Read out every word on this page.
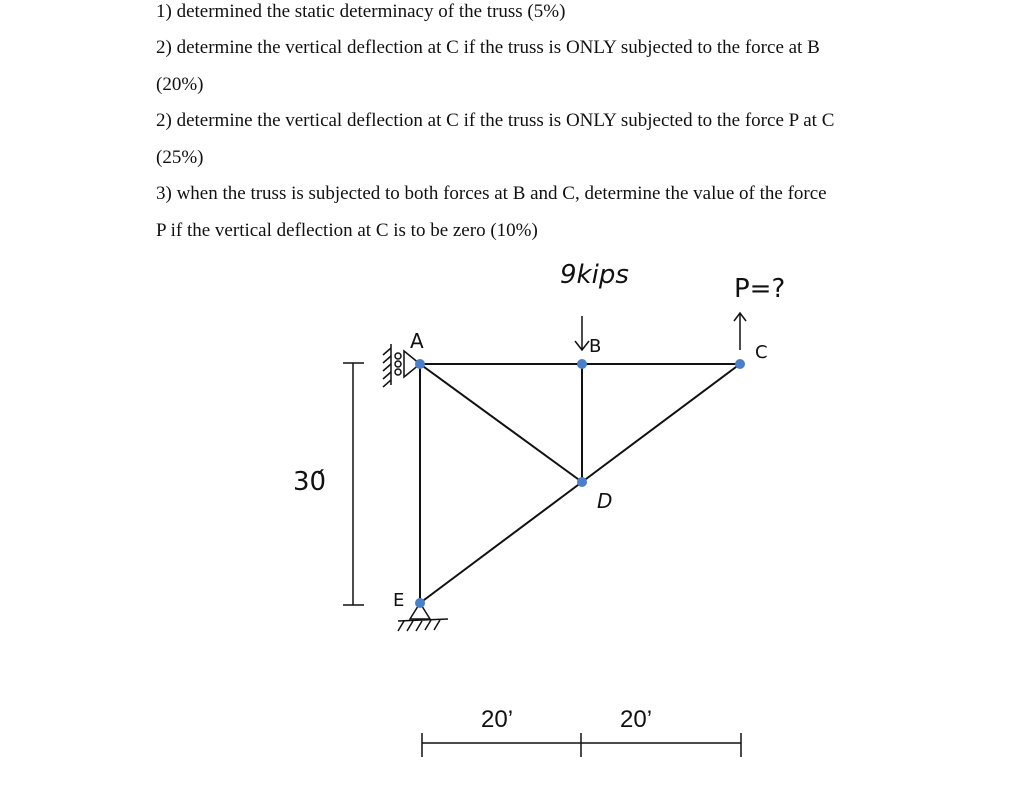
1) determined the static determinacy of the truss (5%)
2) determine the vertical deflection at C if the truss is ONLY subjected to the force at B
(20%)
2) determine the vertical deflection at C if the truss is ONLY subjected to the force P at C
(25%)
3) when the truss is subjected to both forces at B and C, determine the value of the force
P if the vertical deflection at C is to be zero (10%)
9kips	P=?
A	B	C
D
E
30́
20’	20’
